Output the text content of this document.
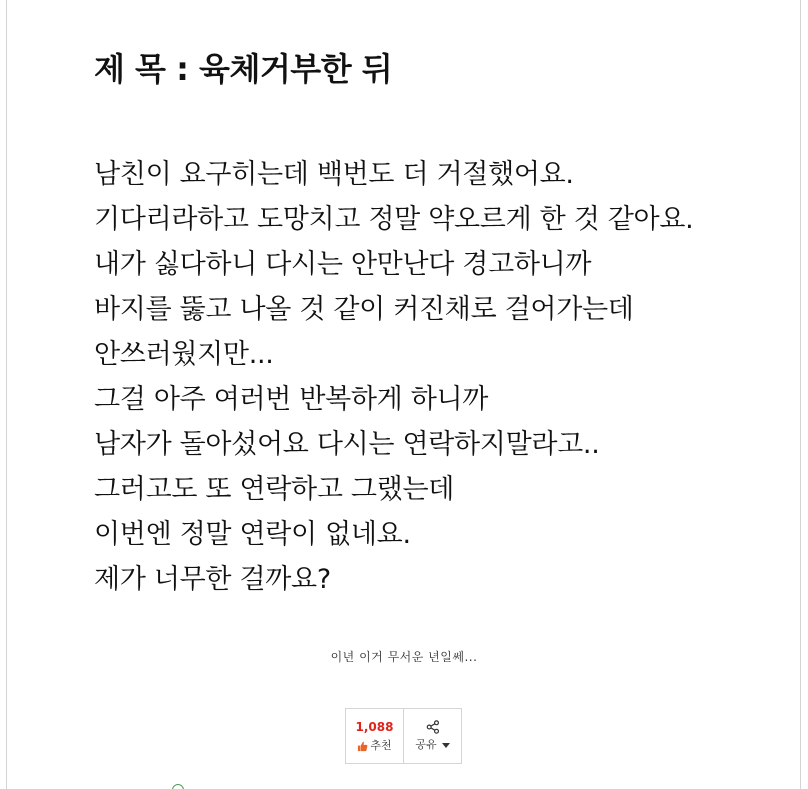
제 목 : 육체거부한 뒤
남친이 요구히는데 백번도 더 거절했어요.
기다리라하고 도망치고 정말 약오르게 한 것 같아요.
내가 싫다하니 다시는 안만난다 경고하니까
바지를 뚫고 나올 것 같이 커진채로 걸어가는데
안쓰러웠지만...
그걸 아주 여러번 반복하게 하니까
남자가 돌아섰어요 다시는 연락하지말라고..
그러고도 또 연락하고 그랬는데
이번엔 정말 연락이 없네요.
제가 너무한 걸까요?
이년 이거 무서운 년일쎄...
1,088
추천 공유
